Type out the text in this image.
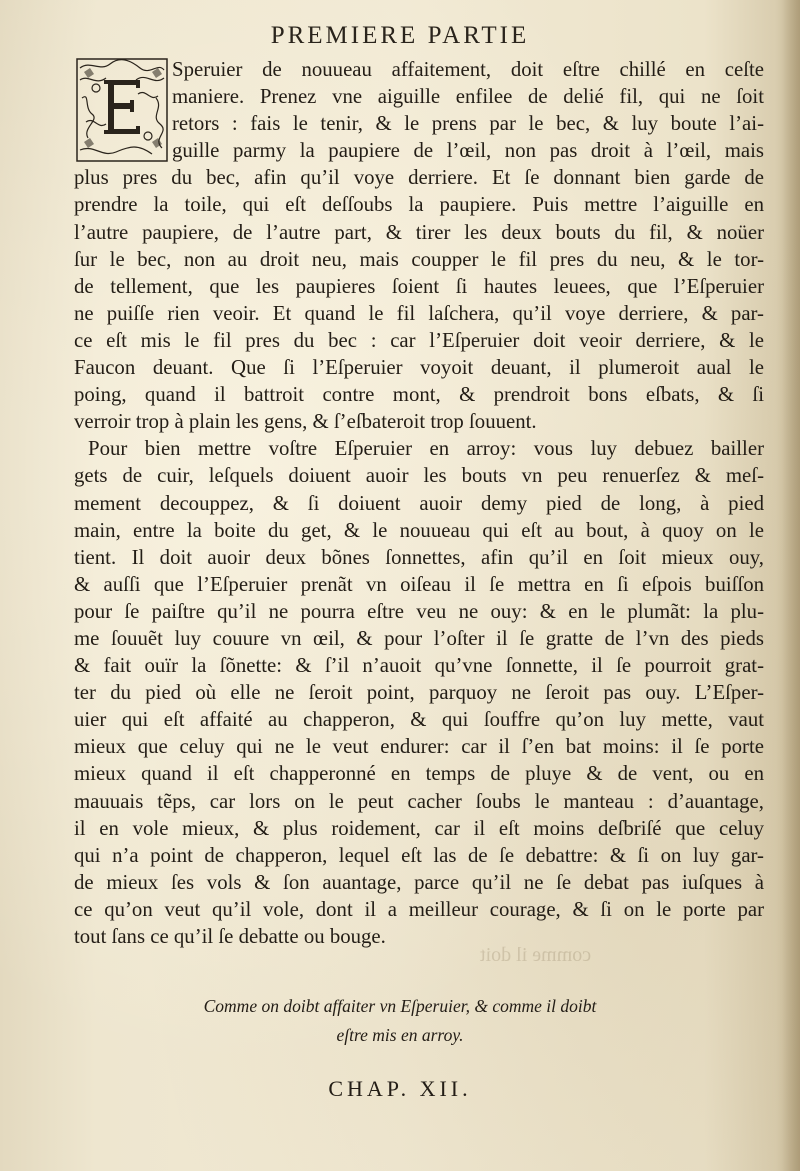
PREMIERE PARTIE
Speruier de nouueau affaitement, doit eſtre chillé en ceſte
maniere. Prenez vne aiguille enfilee de delié fil, qui ne ſoit
retors : fais le tenir, & le prens par le bec, & luy boute l’ai-
guille parmy la paupiere de l’œil, non pas droit à l’œil, mais
plus pres du bec, afin qu’il voye derriere. Et ſe donnant bien garde de
prendre la toile, qui eſt deſſoubs la paupiere. Puis mettre l’aiguille en
l’autre paupiere, de l’autre part, & tirer les deux bouts du fil, & noüer
ſur le bec, non au droit neu, mais coupper le fil pres du neu, & le tor-
de tellement, que les paupieres ſoient ſi hautes leuees, que l’Eſperuier
ne puiſſe rien veoir. Et quand le fil laſchera, qu’il voye derriere, & par-
ce eſt mis le fil pres du bec : car l’Eſperuier doit veoir derriere, & le
Faucon deuant. Que ſi l’Eſperuier voyoit deuant, il plumeroit aual le
poing, quand il battroit contre mont, & prendroit bons eſbats, & ſi
verroir trop à plain les gens, & ſ’eſbateroit trop ſouuent.
Pour bien mettre voſtre Eſperuier en arroy: vous luy debuez bailler
gets de cuir, leſquels doiuent auoir les bouts vn peu renuerſez & meſ-
mement decouppez, & ſi doiuent auoir demy pied de long, à pied
main, entre la boite du get, & le nouueau qui eſt au bout, à quoy on le
tient. Il doit auoir deux bõnes ſonnettes, afin qu’il en ſoit mieux ouy,
& auſſi que l’Eſperuier prenãt vn oiſeau il ſe mettra en ſi eſpois buiſſon
pour ſe paiſtre qu’il ne pourra eſtre veu ne ouy: & en le plumãt: la plu-
me ſouuẽt luy couure vn œil, & pour l’oſter il ſe gratte de l’vn des pieds
& fait ouïr la ſõnette: & ſ’il n’auoit qu’vne ſonnette, il ſe pourroit grat-
ter du pied où elle ne ſeroit point, parquoy ne ſeroit pas ouy. L’Eſper-
uier qui eſt affaité au chapperon, & qui ſouffre qu’on luy mette, vaut
mieux que celuy qui ne le veut endurer: car il ſ’en bat moins: il ſe porte
mieux quand il eſt chapperonné en temps de pluye & de vent, ou en
mauuais tẽps, car lors on le peut cacher ſoubs le manteau : d’auantage,
il en vole mieux, & plus roidement, car il eſt moins deſbriſé que celuy
qui n’a point de chapperon, lequel eſt las de ſe debattre: & ſi on luy gar-
de mieux ſes vols & ſon auantage, parce qu’il ne ſe debat pas iuſques à
ce qu’on veut qu’il vole, dont il a meilleur courage, & ſi on le porte par
tout ſans ce qu’il ſe debatte ou bouge.
comme il doit
Comme on doibt affaiter vn Eſperuier, & comme il doibt
eſtre mis en arroy.
CHAP. XII.
